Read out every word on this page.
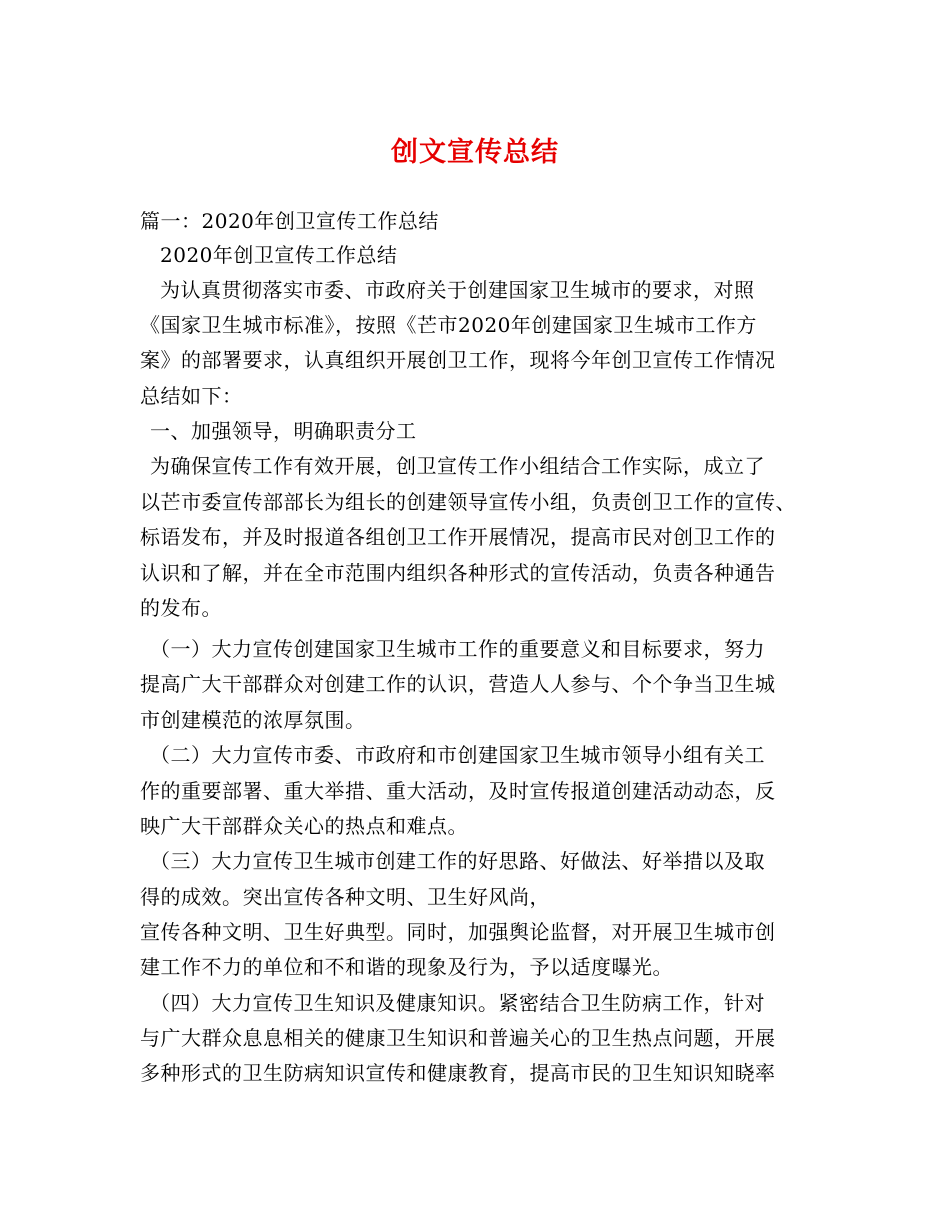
创文宣传总结
篇一：2020年创卫宣传工作总结
2020年创卫宣传工作总结
为认真贯彻落实市委、市政府关于创建国家卫生城市的要求，对照
《国家卫生城市标准》，按照《芒市2020年创建国家卫生城市工作方
案》的部署要求，认真组织开展创卫工作，现将今年创卫宣传工作情况
总结如下：
一、加强领导，明确职责分工
为确保宣传工作有效开展，创卫宣传工作小组结合工作实际，成立了
以芒市委宣传部部长为组长的创建领导宣传小组，负责创卫工作的宣传、
标语发布，并及时报道各组创卫工作开展情况，提高市民对创卫工作的
认识和了解，并在全市范围内组织各种形式的宣传活动，负责各种通告
的发布。
（一）大力宣传创建国家卫生城市工作的重要意义和目标要求，努力
提高广大干部群众对创建工作的认识，营造人人参与、个个争当卫生城
市创建模范的浓厚氛围。
（二）大力宣传市委、市政府和市创建国家卫生城市领导小组有关工
作的重要部署、重大举措、重大活动，及时宣传报道创建活动动态，反
映广大干部群众关心的热点和难点。
（三）大力宣传卫生城市创建工作的好思路、好做法、好举措以及取
得的成效。突出宣传各种文明、卫生好风尚，
宣传各种文明、卫生好典型。同时，加强舆论监督，对开展卫生城市创
建工作不力的单位和不和谐的现象及行为，予以适度曝光。
（四）大力宣传卫生知识及健康知识。紧密结合卫生防病工作，针对
与广大群众息息相关的健康卫生知识和普遍关心的卫生热点问题，开展
多种形式的卫生防病知识宣传和健康教育，提高市民的卫生知识知晓率
